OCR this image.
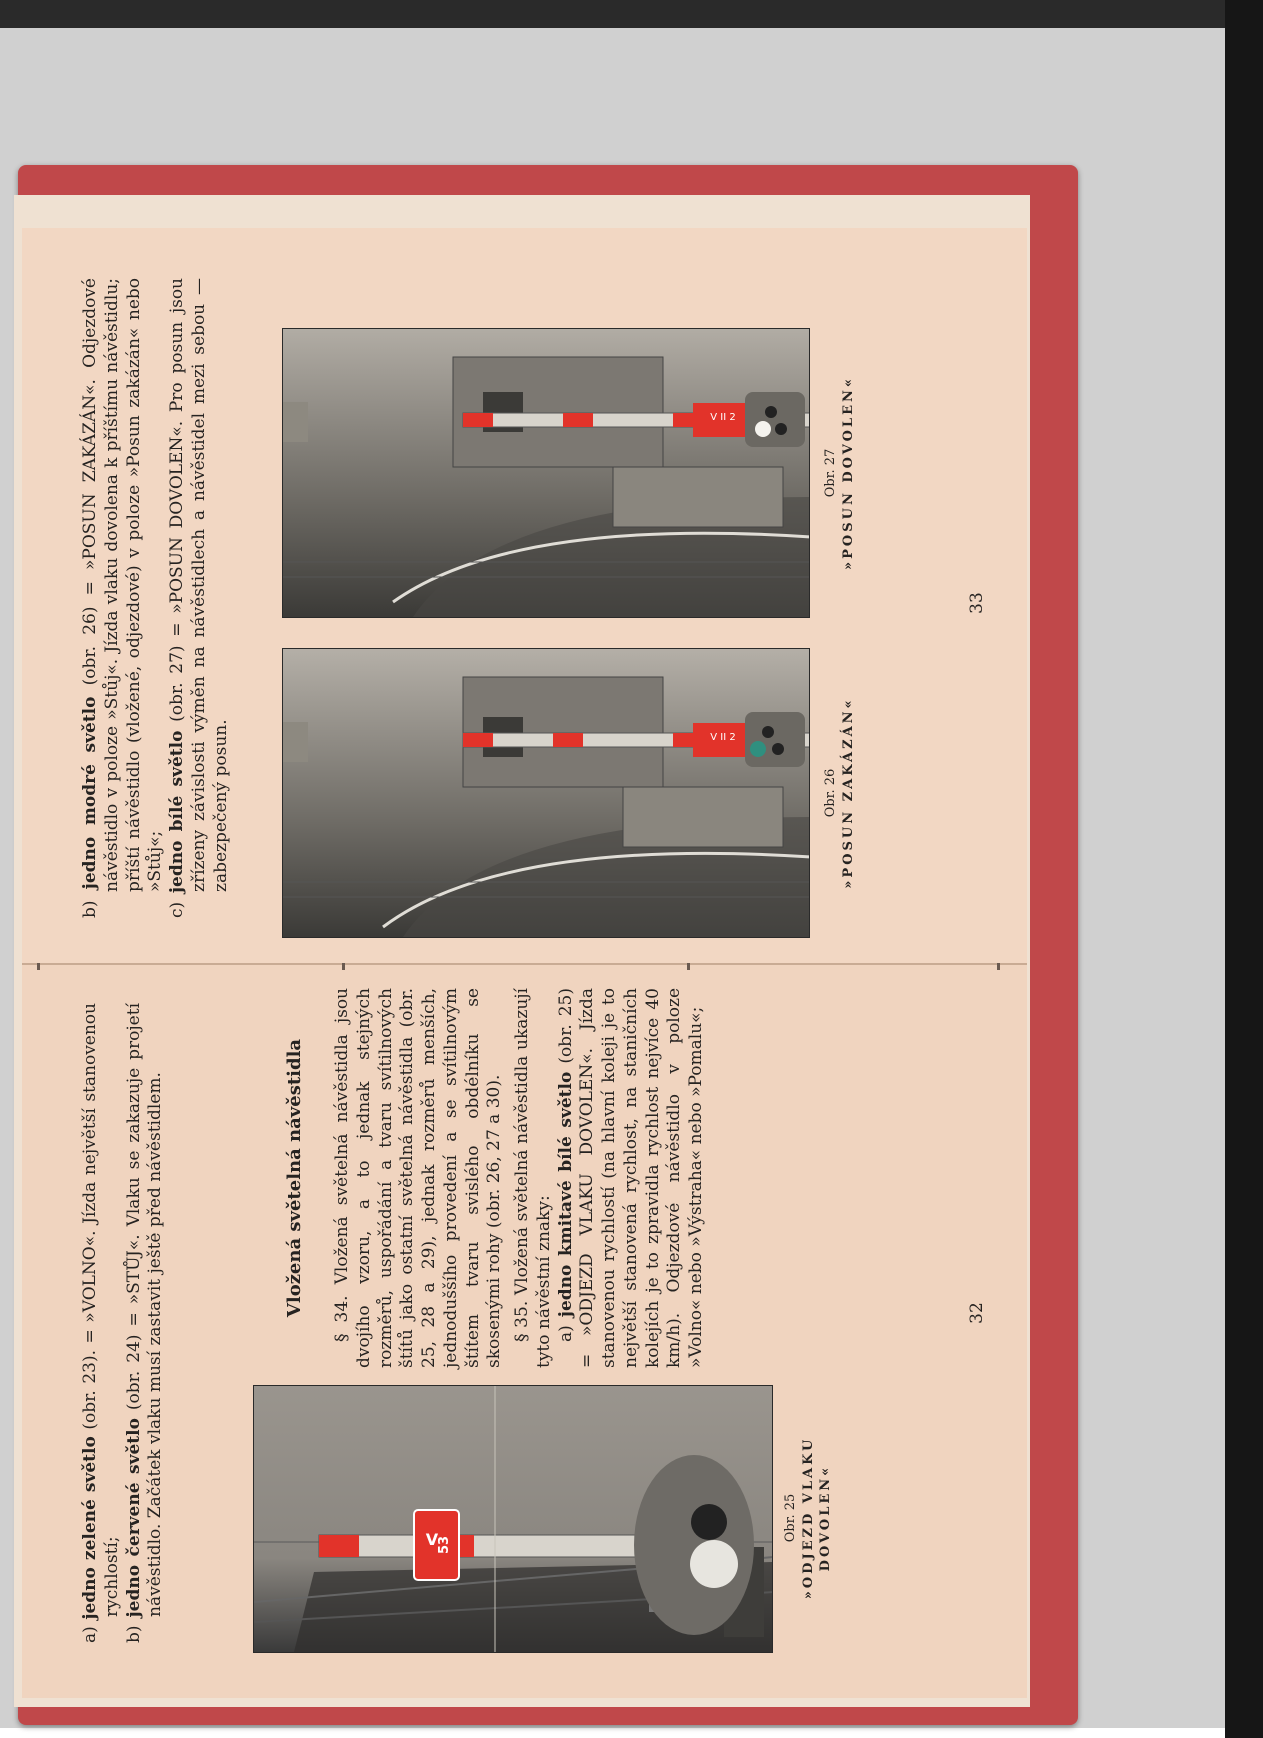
a) jedno zelené světlo (obr. 23). = »VOLNO«. Jízda největší stanovenou rychlostí;
b) jedno červené světlo (obr. 24) = »STŮJ«. Vlaku se zakazuje projetí návěstidlo. Začátek vlaku musí zastavit ještě před návěstidlem.	V
53
Obr. 25 »ODJEZD VLAKU DOVOLEN«
Vložená světelná návěstidla § 34. Vložená světelná návěstidla jsou dvojího vzoru, a to jednak stejných rozměrů, uspořádání a tvaru svítilnových štítů jako ostatní světelná návěstidla (obr. 25, 28 a 29), jednak rozměrů menších, jednoduššího provedení a se svítilnovým štítem tvaru svislého obdélníku se skosenými rohy (obr. 26, 27 a 30). § 35. Vložená světelná návěstidla ukazují tyto návěstní znaky: a) jedno kmitavé bílé světlo (obr. 25) = »ODJEZD VLAKU DOVOLEN«. Jízda stanovenou rychlostí (na hlavní koleji je to největší stanovená rychlost, na staničních kolejích je to zpravidla rychlost nejvíce 40 km/h). Odjezdové návěstidlo v poloze »Volno« nebo »Výstraha« nebo »Pomalu«;	32
b) jedno modré světlo (obr. 26) = »POSUN ZAKÁZÁN«. Odjezdové návěstidlo v poloze »Stůj«. Jízda vlaku dovolena k příštímu návěstidlu; příští návěstidlo (vložené, odjezdové) v poloze »Posun zakázán« nebo »Stůj«;
c) jedno bílé světlo (obr. 27) = »POSUN DOVOLEN«. Pro posun jsou zřízeny závislosti výměn na návěstidlech a návěstidel mezi sebou — zabezpečený posun.	V II 2
Obr. 26 »POSUN ZAKÁZÁN«
V II 2
Obr. 27 »POSUN DOVOLEN«
33
